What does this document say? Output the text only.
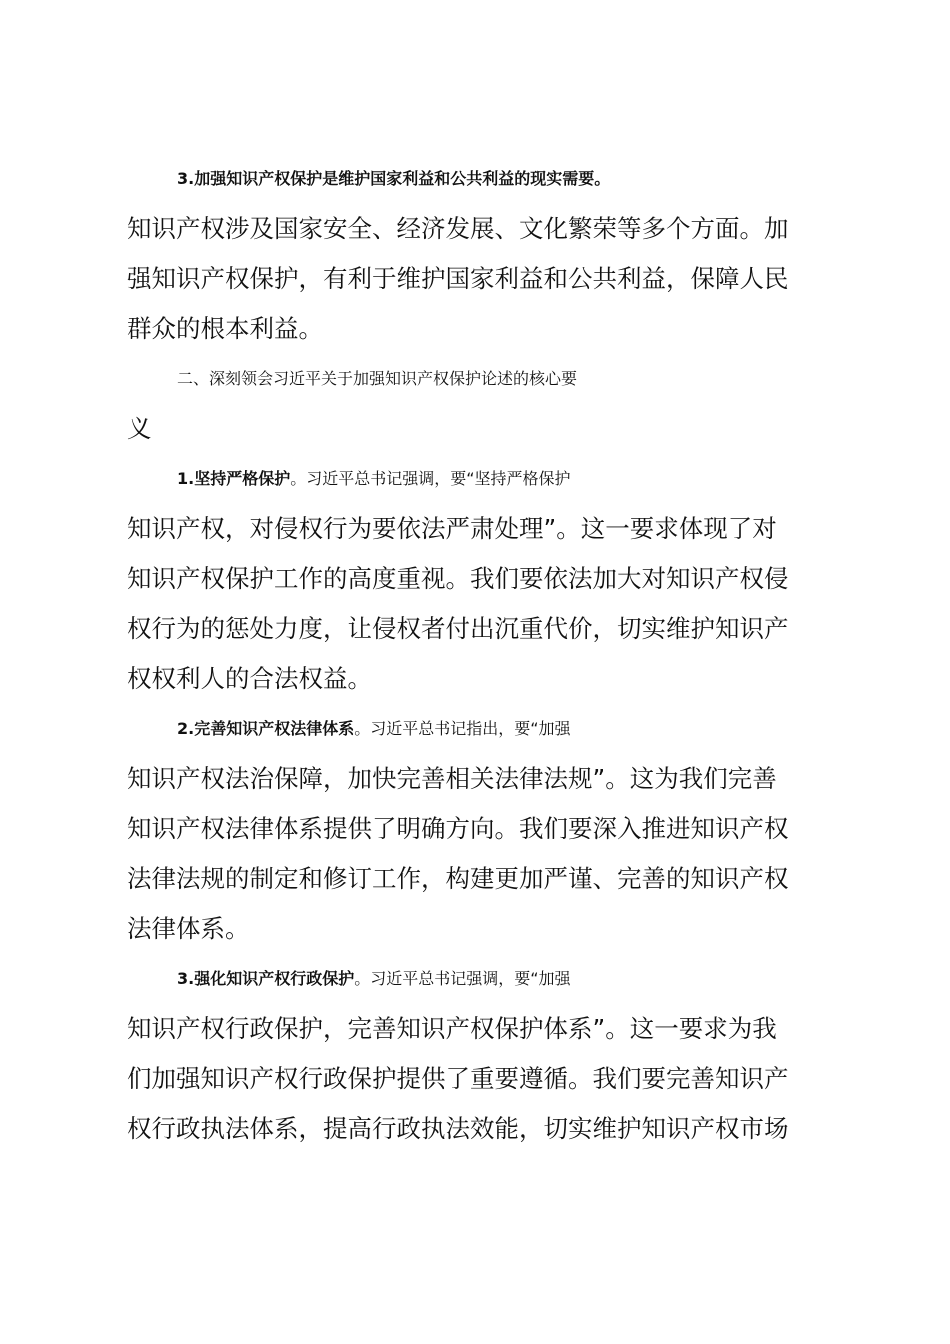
3.加强知识产权保护是维护国家利益和公共利益的现实需要。
知识产权涉及国家安全、经济发展、文化繁荣等多个方面。加
强知识产权保护，有利于维护国家利益和公共利益，保障人民
群众的根本利益。
二、深刻领会习近平关于加强知识产权保护论述的核心要
义
1.坚持严格保护。习近平总书记强调，要“坚持严格保护
知识产权，对侵权行为要依法严肃处理”。这一要求体现了对
知识产权保护工作的高度重视。我们要依法加大对知识产权侵
权行为的惩处力度，让侵权者付出沉重代价，切实维护知识产
权权利人的合法权益。
2.完善知识产权法律体系。习近平总书记指出，要“加强
知识产权法治保障，加快完善相关法律法规”。这为我们完善
知识产权法律体系提供了明确方向。我们要深入推进知识产权
法律法规的制定和修订工作，构建更加严谨、完善的知识产权
法律体系。
3.强化知识产权行政保护。习近平总书记强调，要“加强
知识产权行政保护，完善知识产权保护体系”。这一要求为我
们加强知识产权行政保护提供了重要遵循。我们要完善知识产
权行政执法体系，提高行政执法效能，切实维护知识产权市场
